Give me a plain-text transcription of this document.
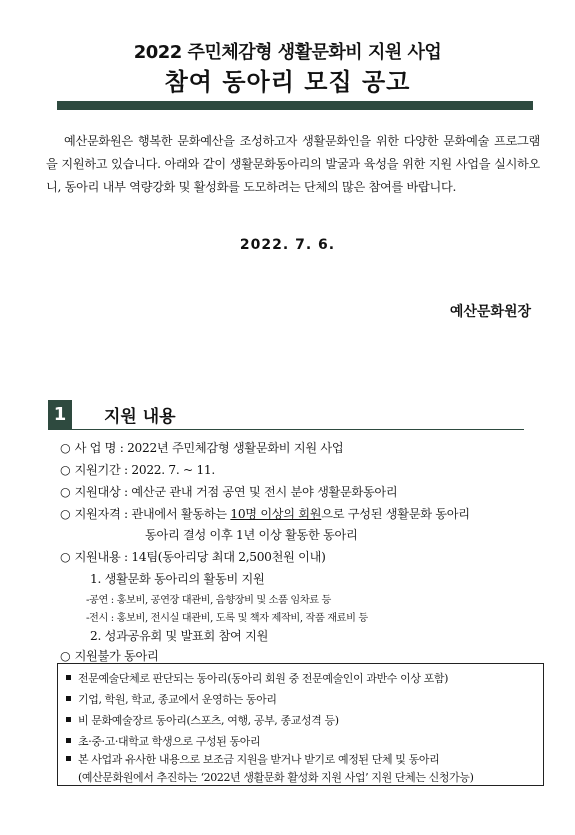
2022 주민체감형 생활문화비 지원 사업
참여 동아리 모집 공고
예산문화원은 행복한 문화예산을 조성하고자 생활문화인을 위한 다양한 문화예술 프로그램을 지원하고 있습니다. 아래와 같이 생활문화동아리의 발굴과 육성을 위한 지원 사업을 실시하오니, 동아리 내부 역량강화 및 활성화를 도모하려는 단체의 많은 참여를 바랍니다.
2022. 7. 6.
예산문화원장
1	지원 내용
○ 사 업 명 : 2022년 주민체감형 생활문화비 지원 사업
○ 지원기간 : 2022. 7. ~ 11.
○ 지원대상 : 예산군 관내 거점 공연 및 전시 분야 생활문화동아리
○ 지원자격 : 관내에서 활동하는 10명 이상의 회원으로 구성된 생활문화 동아리
동아리 결성 이후 1년 이상 활동한 동아리
○ 지원내용 : 14팀(동아리당 최대 2,500천원 이내)
1. 생활문화 동아리의 활동비 지원
-공연 : 홍보비, 공연장 대관비, 음향장비 및 소품 임차료 등
-전시 : 홍보비, 전시실 대관비, 도록 및 책자 제작비, 작품 재료비 등
2. 성과공유회 및 발표회 참여 지원
○ 지원불가 동아리
전문예술단체로 판단되는 동아리(동아리 회원 중 전문예술인이 과반수 이상 포함)
기업, 학원, 학교, 종교에서 운영하는 동아리
비 문화예술장르 동아리(스포츠, 여행, 공부, 종교성격 등)
초·중·고·대학교 학생으로 구성된 동아리
본 사업과 유사한 내용으로 보조금 지원을 받거나 받기로 예정된 단체 및 동아리
(예산문화원에서 추진하는 ‘2022년 생활문화 활성화 지원 사업’ 지원 단체는 신청가능)
